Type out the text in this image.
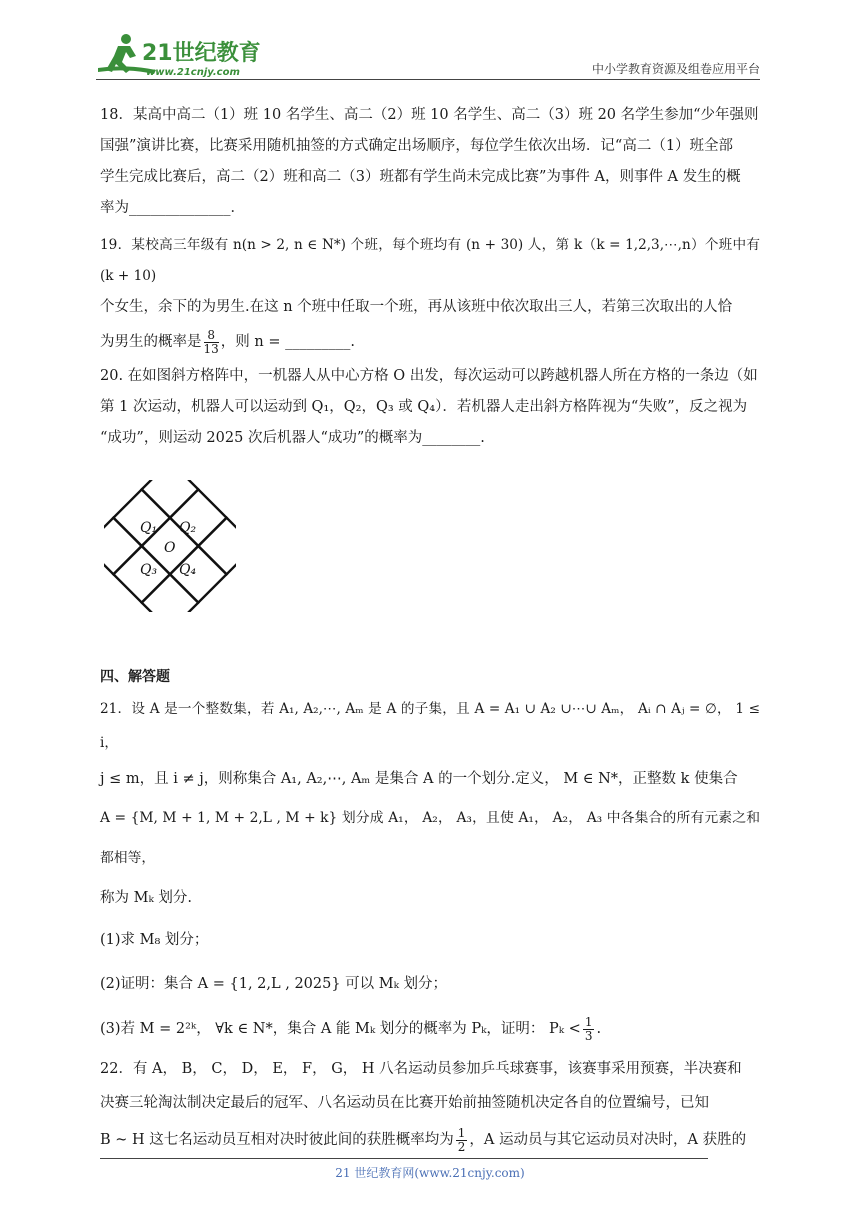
21世纪教育
www.21cnjy.com	中小学教育资源及组卷应用平台

18．某高中高二（1）班 10 名学生、高二（2）班 10 名学生、高二（3）班 20 名学生参加“少年强则

国强”演讲比赛，比赛采用随机抽签的方式确定出场顺序，每位学生依次出场．记“高二（1）班全部

学生完成比赛后，高二（2）班和高二（3）班都有学生尚未完成比赛”为事件 A，则事件 A 发生的概

率为______________．

19．某校高三年级有 n(n > 2, n ∈ N*) 个班，每个班均有 (n + 30) 人，第 k（k = 1,2,3,⋯,n）个班中有 (k + 10)

个女生，余下的为男生.在这 n 个班中任取一个班，再从该班中依次取出三人，若第三次取出的人恰

为男生的概率是 $\frac{8}{13}$ ，则 n = _________.

20. 在如图斜方格阵中，一机器人从中心方格 O 出发，每次运动可以跨越机器人所在方格的一条边（如

第 1 次运动，机器人可以运动到 Q₁，Q₂，Q₃ 或 Q₄）．若机器人走出斜方格阵视为“失败”，反之视为

“成功”，则运动 2025 次后机器人“成功”的概率为________.

四、解答题

21．设 A 是一个整数集，若 A₁, A₂,⋯, Aₘ 是 A 的子集，且 A = A₁ ∪ A₂ ∪⋯∪ Aₘ， Aᵢ ∩ Aⱼ = ∅， 1 ≤ i，

j ≤ m，且 i ≠ j，则称集合 A₁, A₂,⋯, Aₘ 是集合 A 的一个划分.定义， M ∈ N*，正整数 k 使集合

A = {M, M + 1, M + 2,L , M + k} 划分成 A₁， A₂， A₃，且使 A₁， A₂， A₃ 中各集合的所有元素之和都相等，

称为 Mₖ 划分.

(1)求 M₈ 划分；

(2)证明：集合 A = {1, 2,L , 2025} 可以 Mₖ 划分；

(3)若 M = 2²ᵏ， ∀k ∈ N*，集合 A 能 Mₖ 划分的概率为 Pₖ，证明： $P_k < \frac{1}{3}$ .

22．有 A， B， C， D， E， F， G， H 八名运动员参加乒乓球赛事，该赛事采用预赛，半决赛和

决赛三轮淘汰制决定最后的冠军、八名运动员在比赛开始前抽签随机决定各自的位置编号，已知

B ~ H 这七名运动员互相对决时彼此间的获胜概率均为 $\frac{1}{2}$ ，A 运动员与其它运动员对决时，A 获胜的

O
Q₁ Q₂
Q₃ Q₄
21 世纪教育网(www.21cnjy.com)
